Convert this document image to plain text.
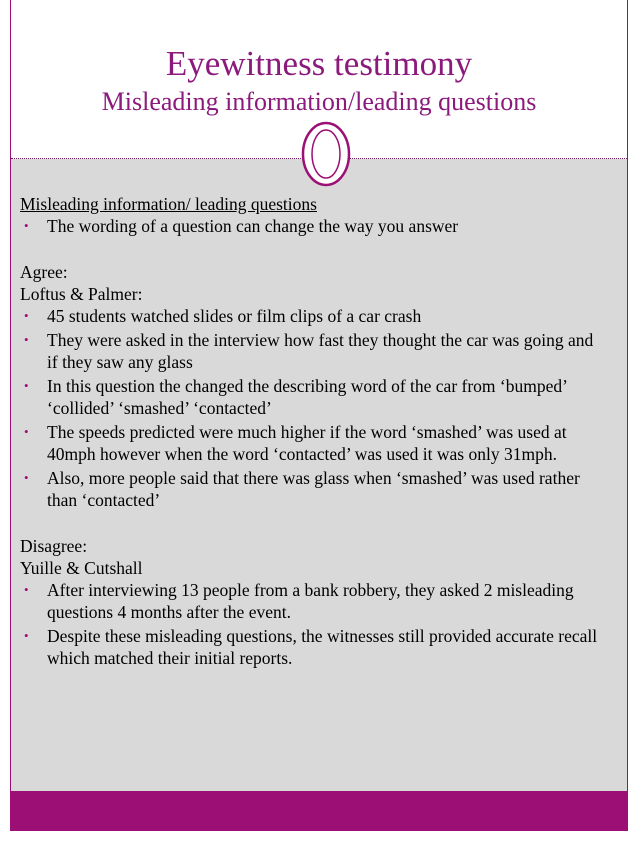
Eyewitness testimony
Misleading information/leading questions

Misleading information/ leading questions

• The wording of a question can change the way you answer

Agree:

Loftus & Palmer:

• 45 students watched slides or film clips of a car crash
• They were asked in the interview how fast they thought the car was going and if they saw any glass
• In this question the changed the describing word of the car from ‘bumped’ ‘collided’ ‘smashed’ ‘contacted’
• The speeds predicted were much higher if the word ‘smashed’ was used at 40mph however when the word ‘contacted’ was used it was only 31mph.
• Also, more people said that there was glass when ‘smashed’ was used rather than ‘contacted’

Disagree:

Yuille & Cutshall

• After interviewing 13 people from a bank robbery, they asked 2 misleading questions 4 months after the event.
• Despite these misleading questions, the witnesses still provided accurate recall which matched their initial reports.
